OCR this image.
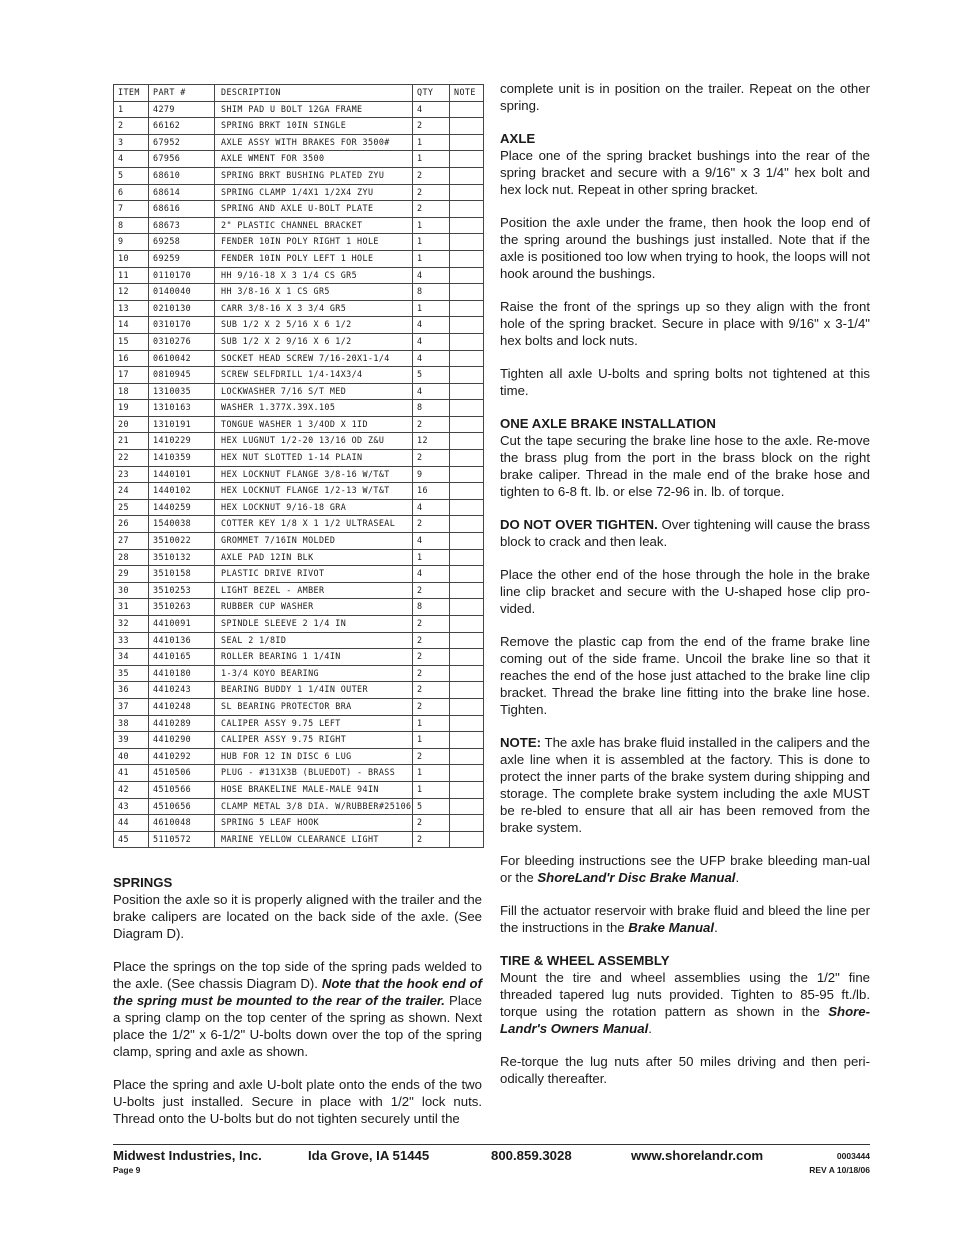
ITEM	PART #	DESCRIPTION	QTY	NOTE
1	4279	SHIM PAD U BOLT 12GA FRAME	4	
2	66162	SPRING BRKT 10IN SINGLE	2	
3	67952	AXLE ASSY WITH BRAKES FOR 3500#	1	
4	67956	AXLE WMENT FOR 3500	1	
5	68610	SPRING BRKT BUSHING PLATED ZYU	2	
6	68614	SPRING CLAMP 1/4X1 1/2X4 ZYU	2	
7	68616	SPRING AND AXLE U-BOLT PLATE	2	
8	68673	2" PLASTIC CHANNEL BRACKET	1	
9	69258	FENDER 10IN POLY RIGHT 1 HOLE	1	
10	69259	FENDER 10IN POLY LEFT 1 HOLE	1	
11	0110170	HH 9/16-18 X 3 1/4 CS GR5	4	
12	0140040	HH 3/8-16 X 1 CS GR5	8	
13	0210130	CARR 3/8-16 X 3 3/4 GR5	1	
14	0310170	SUB 1/2 X 2 5/16 X 6 1/2	4	
15	0310276	SUB 1/2 X 2 9/16 X 6 1/2	4	
16	0610042	SOCKET HEAD SCREW 7/16-20X1-1/4	4	
17	0810945	SCREW SELFDRILL 1/4-14X3/4	5	
18	1310035	LOCKWASHER 7/16 S/T MED	4	
19	1310163	WASHER 1.377X.39X.105	8	
20	1310191	TONGUE WASHER 1 3/4OD X 1ID	2	
21	1410229	HEX LUGNUT 1/2-20 13/16 OD Z&U	12	
22	1410359	HEX NUT SLOTTED 1-14 PLAIN	2	
23	1440101	HEX LOCKNUT FLANGE 3/8-16 W/T&T	9	
24	1440102	HEX LOCKNUT FLANGE 1/2-13 W/T&T	16	
25	1440259	HEX LOCKNUT 9/16-18 GRA	4	
26	1540038	COTTER KEY 1/8 X 1 1/2 ULTRASEAL	2	
27	3510022	GROMMET 7/16IN MOLDED	4	
28	3510132	AXLE PAD 12IN BLK	1	
29	3510158	PLASTIC DRIVE RIVOT	4	
30	3510253	LIGHT BEZEL - AMBER	2	
31	3510263	RUBBER CUP WASHER	8	
32	4410091	SPINDLE SLEEVE 2 1/4 IN	2	
33	4410136	SEAL 2 1/8ID	2	
34	4410165	ROLLER BEARING 1 1/4IN	2	
35	4410180	1-3/4 KOYO BEARING	2	
36	4410243	BEARING BUDDY 1 1/4IN OUTER	2	
37	4410248	SL BEARING PROTECTOR BRA	2	
38	4410289	CALIPER ASSY 9.75 LEFT	1	
39	4410290	CALIPER ASSY 9.75 RIGHT	1	
40	4410292	HUB FOR 12 IN DISC 6 LUG	2	
41	4510506	PLUG - #131X3B (BLUEDOT) - BRASS	1	
42	4510566	HOSE BRAKELINE MALE-MALE 94IN	1	
43	4510656	CLAMP METAL 3/8 DIA. W/RUBBER#25106	5	
44	4610048	SPRING 5 LEAF HOOK	2	
45	5110572	MARINE YELLOW CLEARANCE LIGHT	2	
SPRINGS

Position the axle so it is properly aligned with the trailer and the brake calipers are located on the back side of the axle. (See Diagram D).

Place the springs on the top side of the spring pads welded to the axle. (See chassis Diagram D). Note that the hook end of the spring must be mounted to the rear of the trailer. Place a spring clamp on the top center of the spring as shown. Next place the 1/2" x 6-1/2" U-bolts down over the top of the spring clamp, spring and axle as shown.

Place the spring and axle U-bolt plate onto the ends of the two U-bolts just installed. Secure in place with 1/2" lock nuts. Thread onto the U-bolts but do not tighten securely until the

complete unit is in position on the trailer. Repeat on the other spring.

AXLE

Place one of the spring bracket bushings into the rear of the spring bracket and secure with a 9/16" x 3 1/4" hex bolt and hex lock nut. Repeat in other spring bracket.

Position the axle under the frame, then hook the loop end of the spring around the bushings just installed. Note that if the axle is positioned too low when trying to hook, the loops will not hook around the bushings.

Raise the front of the springs up so they align with the front hole of the spring bracket. Secure in place with 9/16" x 3-1/4" hex bolts and lock nuts.

Tighten all axle U-bolts and spring bolts not tightened at this time.

ONE AXLE BRAKE INSTALLATION

Cut the tape securing the brake line hose to the axle. Re-move the brass plug from the port in the brass block on the right brake caliper. Thread in the male end of the brake hose and tighten to 6-8 ft. lb. or else 72-96 in. lb. of torque.

DO NOT OVER TIGHTEN. Over tightening will cause the brass block to crack and then leak.

Place the other end of the hose through the hole in the brake line clip bracket and secure with the U-shaped hose clip pro-vided.

Remove the plastic cap from the end of the frame brake line coming out of the side frame. Uncoil the brake line so that it reaches the end of the hose just attached to the brake line clip bracket. Thread the brake line fitting into the brake line hose. Tighten.

NOTE: The axle has brake fluid installed in the calipers and the axle line when it is assembled at the factory. This is done to protect the inner parts of the brake system during shipping and storage. The complete brake system including the axle MUST be re-bled to ensure that all air has been removed from the brake system.

For bleeding instructions see the UFP brake bleeding man-ual or the ShoreLand'r Disc Brake Manual.

Fill the actuator reservoir with brake fluid and bleed the line per the instructions in the Brake Manual.

TIRE & WHEEL ASSEMBLY

Mount the tire and wheel assemblies using the 1/2" fine threaded tapered lug nuts provided. Tighten to 85-95 ft./lb. torque using the rotation pattern as shown in the Shore-Landr's Owners Manual.

Re-torque the lug nuts after 50 miles driving and then peri-odically thereafter.

Midwest Industries, Inc.	Ida Grove, IA 51445	800.859.3028	www.shorelandr.com	0003444
Page 9	REV A 10/18/06
